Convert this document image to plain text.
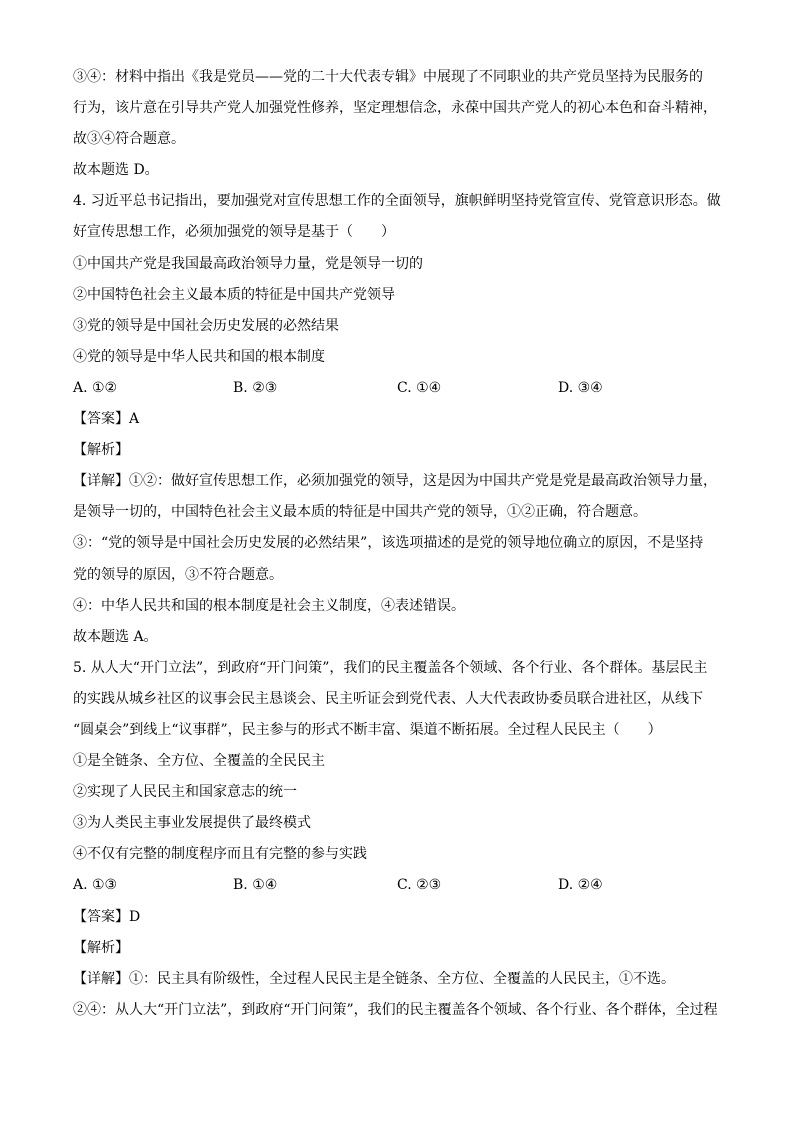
③④：材料中指出《我是党员——党的二十大代表专辑》中展现了不同职业的共产党员坚持为民服务的
行为，该片意在引导共产党人加强党性修养，坚定理想信念，永葆中国共产党人的初心本色和奋斗精神，
故③④符合题意。
故本题选 D。
4. 习近平总书记指出，要加强党对宣传思想工作的全面领导，旗帜鲜明坚持党管宣传、党管意识形态。做
好宣传思想工作，必须加强党的领导是基于（　　）
①中国共产党是我国最高政治领导力量，党是领导一切的
②中国特色社会主义最本质的特征是中国共产党领导
③党的领导是中国社会历史发展的必然结果
④党的领导是中华人民共和国的根本制度
A. ①②	B. ②③	C. ①④	D. ③④
【答案】A
【解析】
【详解】①②：做好宣传思想工作，必须加强党的领导，这是因为中国共产党是党是最高政治领导力量，
是领导一切的，中国特色社会主义最本质的特征是中国共产党的领导，①②正确，符合题意。
③：“党的领导是中国社会历史发展的必然结果”，该选项描述的是党的领导地位确立的原因，不是坚持
党的领导的原因，③不符合题意。
④：中华人民共和国的根本制度是社会主义制度，④表述错误。
故本题选 A。
5. 从人大“开门立法”，到政府“开门问策”，我们的民主覆盖各个领域、各个行业、各个群体。基层民主
的实践从城乡社区的议事会民主恳谈会、民主听证会到党代表、人大代表政协委员联合进社区，从线下
“圆桌会”到线上“议事群”，民主参与的形式不断丰富、渠道不断拓展。全过程人民民主（　　）
①是全链条、全方位、全覆盖的全民民主
②实现了人民民主和国家意志的统一
③为人类民主事业发展提供了最终模式
④不仅有完整的制度程序而且有完整的参与实践
A. ①③	B. ①④	C. ②③	D. ②④
【答案】D
【解析】
【详解】①：民主具有阶级性，全过程人民民主是全链条、全方位、全覆盖的人民民主，①不选。
②④：从人大“开门立法”，到政府“开门问策”，我们的民主覆盖各个领域、各个行业、各个群体，全过程
